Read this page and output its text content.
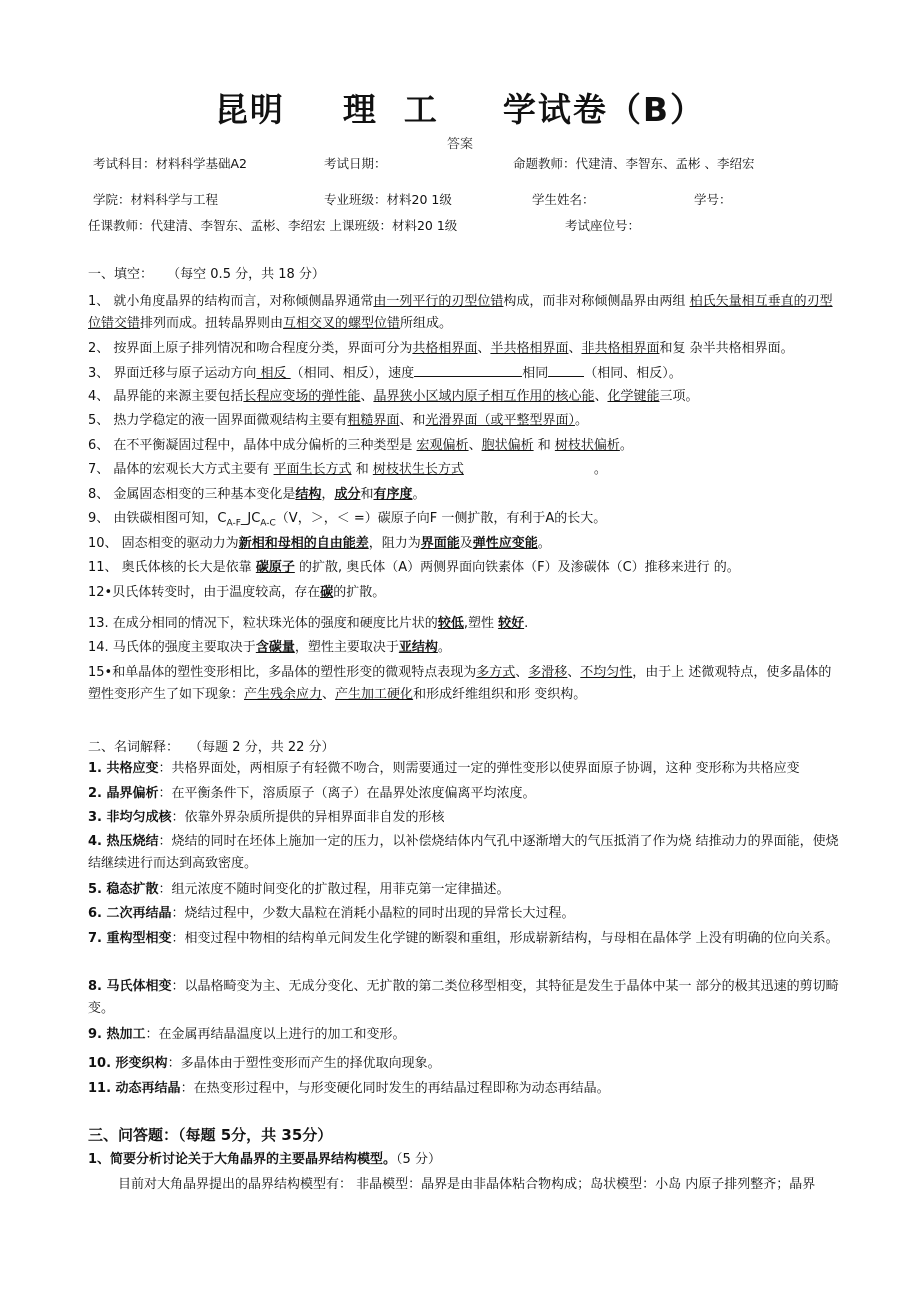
昆明 理 工 学试卷（B）
答案
考试科目：材料科学基础A2	考试日期：	命题教师：代建清、李智东、孟彬 、李绍宏
学院：材料科学与工程	专业班级：材料20 1级	学生姓名：	学号：
任课教师：代建清、李智东、孟彬、李绍宏 上课班级：材料20 1级	考试座位号：
一、填空： （每空 0.5 分，共 18 分）
1、 就小角度晶界的结构而言，对称倾侧晶界通常由一列平行的刃型位错构成，而非对称倾侧晶界由两组 柏氏矢量相互垂直的刃型位错交错排列而成。扭转晶界则由互相交叉的螺型位错所组成。
2、 按界面上原子排列情况和吻合程度分类，界面可分为共格相界面、半共格相界面、非共格相界面和复 杂半共格相界面。
3、 界面迁移与原子运动方向 相反 （相同、相反），速度	相同	（相同、相反）。
4、 晶界能的来源主要包括长程应变场的弹性能、晶界狭小区域内原子相互作用的核心能、化学键能三项。
5、 热力学稳定的液一固界面微观结构主要有粗糙界面、和光滑界面（或平整型界面）。
6、 在不平衡凝固过程中，晶体中成分偏析的三种类型是 宏观偏析、胞状偏析 和 树枝状偏析。
7、 晶体的宏观长大方式主要有 平面生长方式 和 树枝状生长方式	。
8、 金属固态相变的三种基本变化是结构，成分和有序度。
9、 由铁碳相图可知，$C_{A-F}\_JC_{A-C}(V$，＞，＜ =）碳原子向F 一侧扩散，有利于A的长大。
10、 固态相变的驱动力为新相和母相的自由能差，阻力为界面能及弹性应变能。
11、 奥氏体核的长大是依靠 碳原子 的扩散, 奥氏体（A）两侧界面向铁素体（F）及渗碳体（C）推移来进行 的。
12•贝氏体转变时，由于温度较高，存在碳的扩散。
13. 在成分相同的情况下，粒状珠光体的强度和硬度比片状的较低,塑性 较好.
14. 马氏体的强度主要取决于含碳量，塑性主要取决于亚结构。
15•和单晶体的塑性变形相比，多晶体的塑性形变的微观特点表现为多方式、多滑移、不均匀性，由于上 述微观特点，使多晶体的塑性变形产生了如下现象：产生残余应力、产生加工硬化和形成纤维组织和形 变织构。
二、名词解释： （每题 2 分，共 22 分）
1. 共格应变：共格界面处，两相原子有轻微不吻合，则需要通过一定的弹性变形以使界面原子协调，这种 变形称为共格应变
2. 晶界偏析：在平衡条件下，溶质原子（离子）在晶界处浓度偏离平均浓度。
3. 非均匀成核：依靠外界杂质所提供的异相界面非自发的形核
4. 热压烧结：烧结的同时在坯体上施加一定的压力，以补偿烧结体内气孔中逐渐增大的气压抵消了作为烧 结推动力的界面能，使烧结继续进行而达到高致密度。
5. 稳态扩散：组元浓度不随时间变化的扩散过程，用菲克第一定律描述。
6. 二次再结晶：烧结过程中，少数大晶粒在消耗小晶粒的同时出现的异常长大过程。
7. 重构型相变：相变过程中物相的结构单元间发生化学键的断裂和重组，形成崭新结构，与母相在晶体学 上没有明确的位向关系。
8. 马氏体相变：以晶格畸变为主、无成分变化、无扩散的第二类位移型相变，其特征是发生于晶体中某一 部分的极其迅速的剪切畸变。
9. 热加工：在金属再结晶温度以上进行的加工和变形。
10. 形变织构：多晶体由于塑性变形而产生的择优取向现象。
11. 动态再结晶：在热变形过程中，与形变硬化同时发生的再结晶过程即称为动态再结晶。
三、问答题：（每题 5分，共 35分）
1、简要分析讨论关于大角晶界的主要晶界结构模型。（5 分）
目前对大角晶界提出的晶界结构模型有： 非晶模型：晶界是由非晶体粘合物构成；岛状模型：小岛 内原子排列整齐；晶界
